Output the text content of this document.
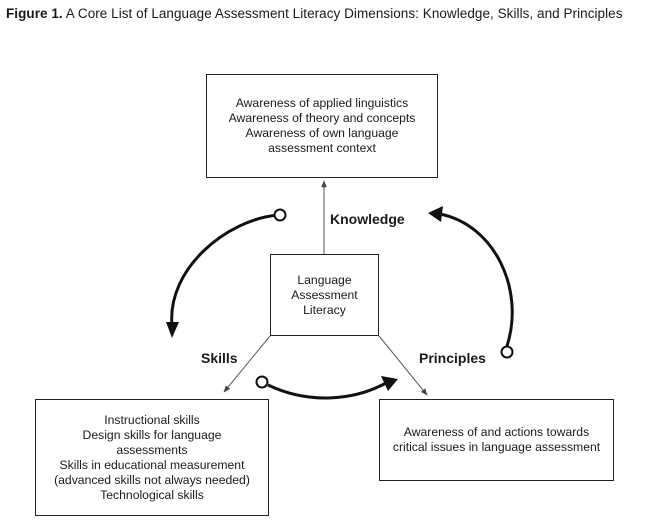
Figure 1. A Core List of Language Assessment Literacy Dimensions: Knowledge, Skills, and Principles
Awareness of applied linguistics
Awareness of theory and concepts
Awareness of own language
assessment context
Language
Assessment
Literacy
Instructional skills
Design skills for language
assessments
Skills in educational measurement
(advanced skills not always needed)
Technological skills
Awareness of and actions towards
critical issues in language assessment
Knowledge
Skills	Principles
